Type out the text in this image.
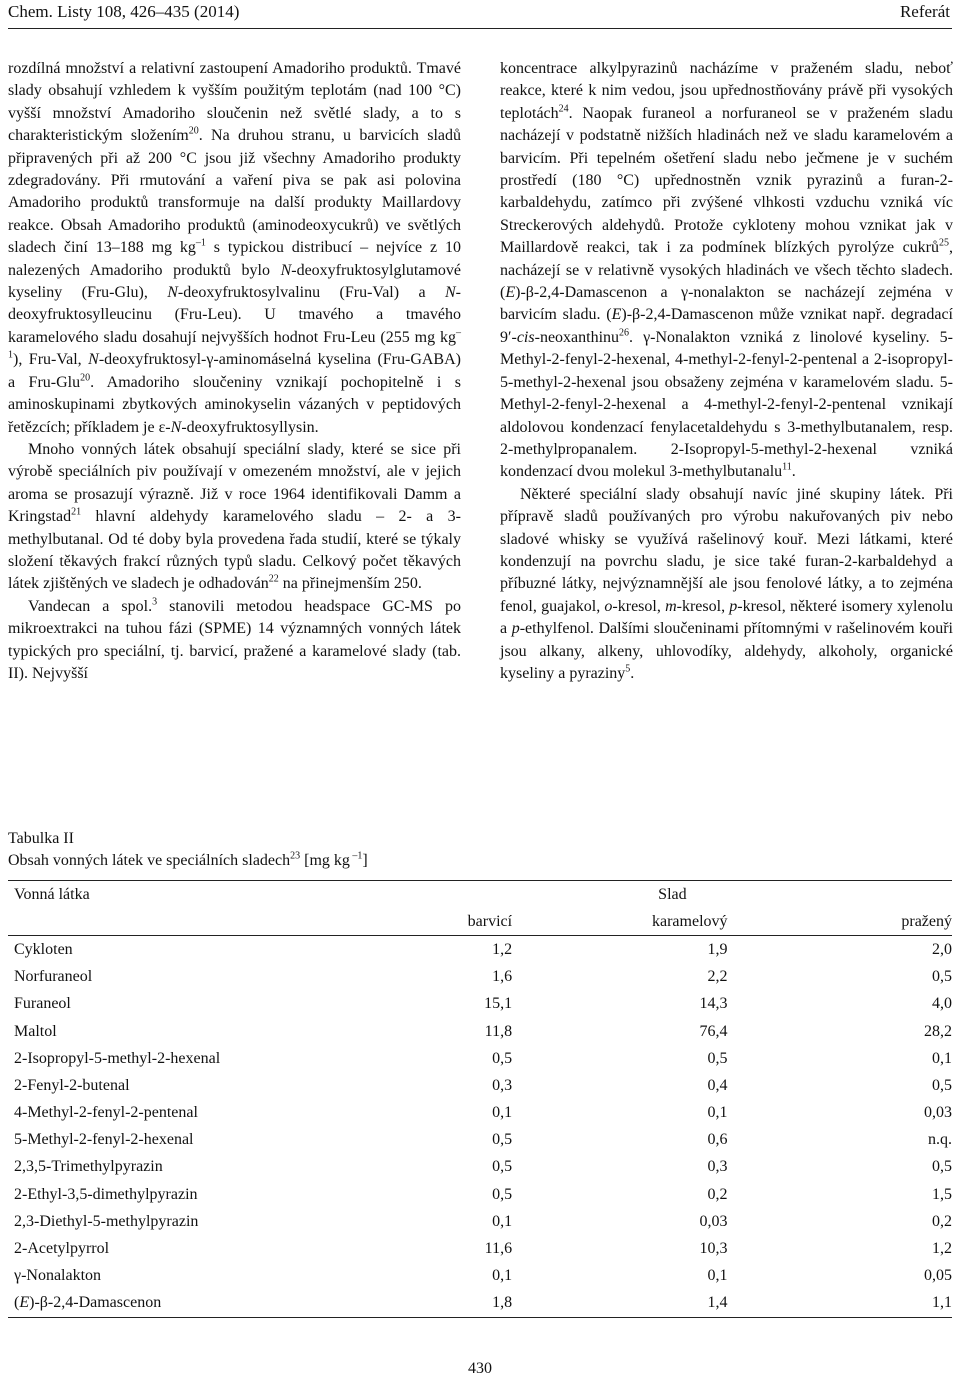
Chem. Listy 108, 426–435 (2014)	Referát

rozdílná množství a relativní zastoupení Amadoriho produktů. Tmavé slady obsahují vzhledem k vyšším použitým teplotám (nad 100 °C) vyšší množství Amadoriho sloučenin než světlé slady, a to s charakteristickým složením$^{20}$. Na druhou stranu, u barvicích sladů připravených při až 200 °C jsou již všechny Amadoriho produkty zdegradovány. Při rmutování a vaření piva se pak asi polovina Amadoriho produktů transformuje na další produkty Maillardovy reakce. Obsah Amadoriho produktů (aminodeoxycukrů) ve světlých sladech činí 13–188 mg $kg^{-1}$ s typickou distribucí – nejvíce z 10 nalezených Amadoriho produktů bylo N-deoxyfruktosylglutamové kyseliny (Fru-Glu), N-deoxyfruktosylvalinu (Fru-Val) a N-deoxyfruktosylleucinu (Fru-Leu). U tmavého a tmavého karamelového sladu dosahují nejvyšších hodnot Fru-Leu (255 mg $kg^{-1}$), Fru-Val, N-deoxyfruktosyl-γ-aminomáselná kyselina (Fru-GABA) a Fru-Glu$^{20}$. Amadoriho sloučeniny vznikají pochopitelně i s aminoskupinami zbytkových aminokyselin vázaných v peptidových řetězcích; příkladem je ε-N-deoxyfruktosyllysin.

Mnoho vonných látek obsahují speciální slady, které se sice při výrobě speciálních piv používají v omezeném množství, ale v jejich aroma se prosazují výrazně. Již v roce 1964 identifikovali Damm a Kringstad$^{21}$ hlavní aldehydy karamelového sladu – 2- a 3-methylbutanal. Od té doby byla provedena řada studií, které se týkaly složení těkavých frakcí různých typů sladu. Celkový počet těkavých látek zjištěných ve sladech je odhadován$^{22}$ na přinejmenším 250.

Vandecan a spol.$^3$ stanovili metodou headspace GC-MS po mikroextrakci na tuhou fázi (SPME) 14 významných vonných látek typických pro speciální, tj. barvicí, pražené a karamelové slady (tab. II). Nejvyšší

koncentrace alkylpyrazinů nacházíme v praženém sladu, neboť reakce, které k nim vedou, jsou upřednostňovány právě při vysokých teplotách$^{24}$. Naopak furaneol a norfuraneol se v praženém sladu nacházejí v podstatně nižších hladinách než ve sladu karamelovém a barvicím. Při tepelném ošetření sladu nebo ječmene je v suchém prostředí (180 °C) upřednostněn vznik pyrazinů a furan-2-karbaldehydu, zatímco při zvýšené vlhkosti vzduchu vzniká víc Streckerových aldehydů. Protože cykloteny mohou vznikat jak v Maillardově reakci, tak i za podmínek blízkých pyrolýze cukrů$^{25}$, nacházejí se v relativně vysokých hladinách ve všech těchto sladech. (E)-β-2,4-Damascenon a γ-nonalakton se nacházejí zejména v barvicím sladu. (E)-β-2,4-Damascenon může vznikat např. degradací 9′-cis-neoxanthinu$^{26}$. γ-Nonalakton vzniká z linolové kyseliny. 5-Methyl-2-fenyl-2-hexenal, 4-methyl-2-fenyl-2-pentenal a 2-isopropyl-5-methyl-2-hexenal jsou obsaženy zejména v karamelovém sladu. 5-Methyl-2-fenyl-2-hexenal a 4-methyl-2-fenyl-2-pentenal vznikají aldolovou kondenzací fenylacetaldehydu s 3-methylbutanalem, resp. 2-methylpropanalem. 2-Isopropyl-5-methyl-2-hexenal vzniká kondenzací dvou molekul 3-methylbutanalu$^{11}$.

Některé speciální slady obsahují navíc jiné skupiny látek. Při přípravě sladů používaných pro výrobu nakuřovaných piv nebo sladové whisky se využívá rašelinový kouř. Mezi látkami, které kondenzují na povrchu sladu, je sice také furan-2-karbaldehyd a příbuzné látky, nejvýznamnější ale jsou fenolové látky, a to zejména fenol, guajakol, o-kresol, m-kresol, p-kresol, některé isomery xylenolu a p-ethylfenol. Dalšími sloučeninami přítomnými v rašelinovém kouři jsou alkany, alkeny, uhlovodíky, aldehydy, alkoholy, organické kyseliny a pyraziny$^5$.

Tabulka II
Obsah vonných látek ve speciálních sladech$^{23}$ [mg kg $^{-1}$]
Vonná látka	Slad		
	barvicí	karamelový	pražený
Cykloten	1,2	1,9	2,0
Norfuraneol	1,6	2,2	0,5
Furaneol	15,1	14,3	4,0
Maltol	11,8	76,4	28,2
2-Isopropyl-5-methyl-2-hexenal	0,5	0,5	0,1
2-Fenyl-2-butenal	0,3	0,4	0,5
4-Methyl-2-fenyl-2-pentenal	0,1	0,1	0,03
5-Methyl-2-fenyl-2-hexenal	0,5	0,6	n.q.
2,3,5-Trimethylpyrazin	0,5	0,3	0,5
2-Ethyl-3,5-dimethylpyrazin	0,5	0,2	1,5
2,3-Diethyl-5-methylpyrazin	0,1	0,03	0,2
2-Acetylpyrrol	11,6	10,3	1,2
γ-Nonalakton	0,1	0,1	0,05
(E)-β-2,4-Damascenon	1,8	1,4	1,1
430
